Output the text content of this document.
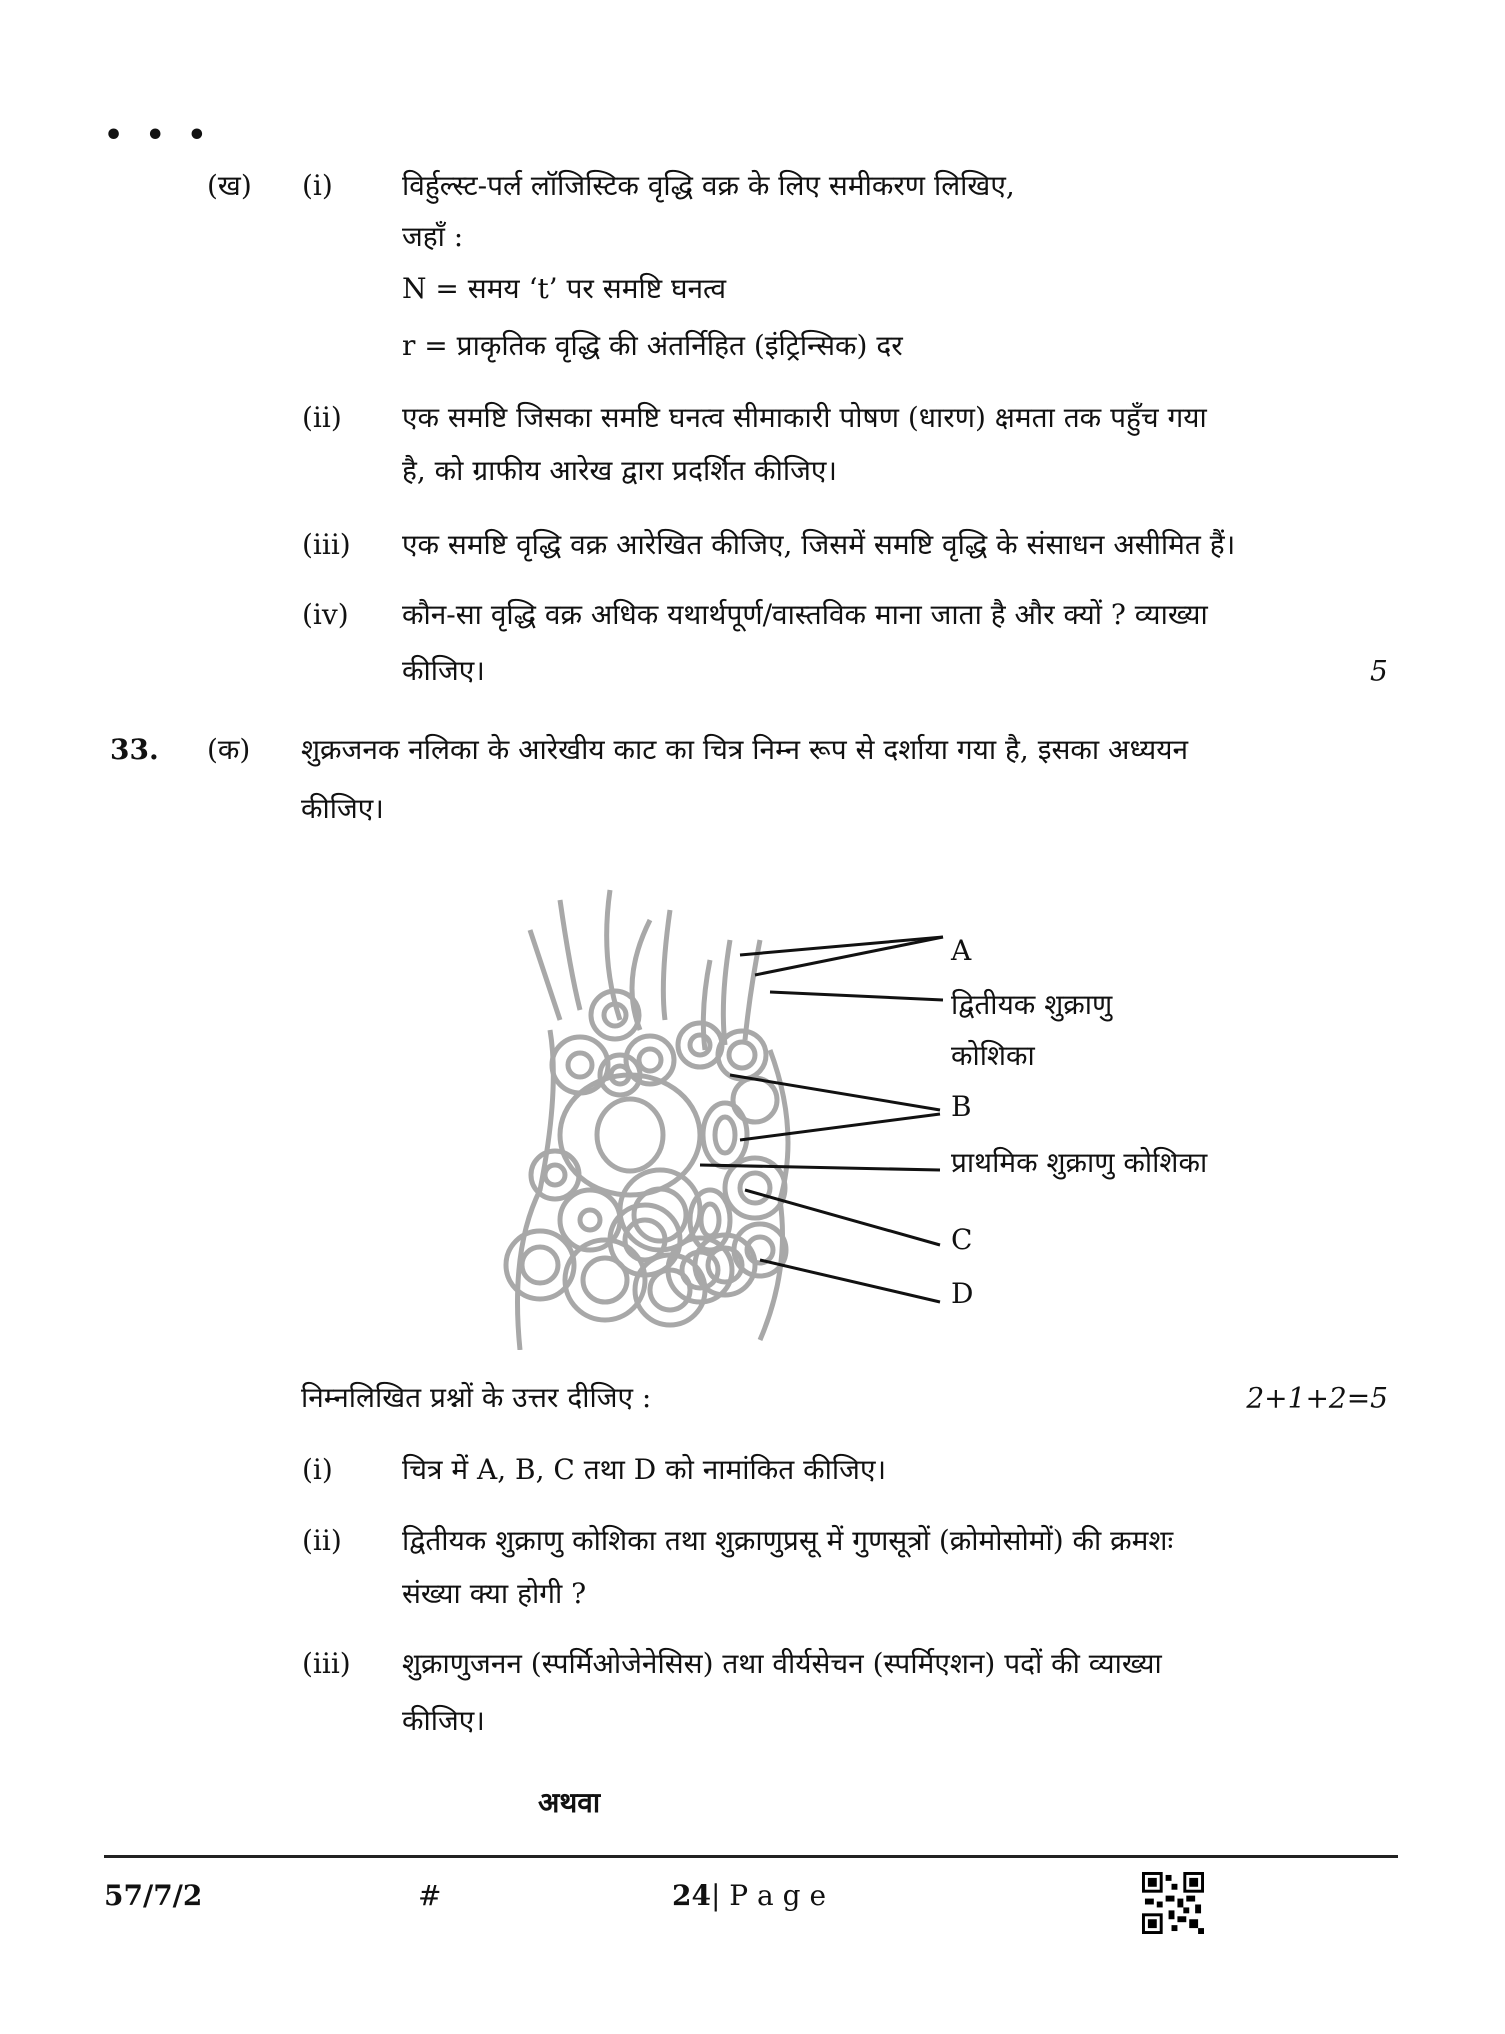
• • •
(ख) (i) विर्हुल्स्ट-पर्ल लॉजिस्टिक वृद्धि वक्र के लिए समीकरण लिखिए,
जहाँ :
N = समय ‘t’ पर समष्टि घनत्व
r = प्राकृतिक वृद्धि की अंतर्निहित (इंट्रिन्सिक) दर
(ii) एक समष्टि जिसका समष्टि घनत्व सीमाकारी पोषण (धारण) क्षमता तक पहुँच गया
है, को ग्राफीय आरेख द्वारा प्रदर्शित कीजिए।
(iii) एक समष्टि वृद्धि वक्र आरेखित कीजिए, जिसमें समष्टि वृद्धि के संसाधन असीमित हैं।
(iv) कौन-सा वृद्धि वक्र अधिक यथार्थपूर्ण/वास्तविक माना जाता है और क्यों ? व्याख्या
कीजिए।	5
33. (क) शुक्रजनक नलिका के आरेखीय काट का चित्र निम्न रूप से दर्शाया गया है, इसका अध्ययन
कीजिए।
A
द्वितीयक शुक्राणु
कोशिका
B
प्राथमिक शुक्राणु कोशिका
C
D
निम्नलिखित प्रश्नों के उत्तर दीजिए :	2+1+2=5
(i) चित्र में A, B, C तथा D को नामांकित कीजिए।
(ii) द्वितीयक शुक्राणु कोशिका तथा शुक्राणुप्रसू में गुणसूत्रों (क्रोमोसोमों) की क्रमशः
संख्या क्या होगी ?
(iii) शुक्राणुजनन (स्पर्मिओजेनेसिस) तथा वीर्यसेचन (स्पर्मिएशन) पदों की व्याख्या
कीजिए।
अथवा
57/7/2	#	24| P a g e
